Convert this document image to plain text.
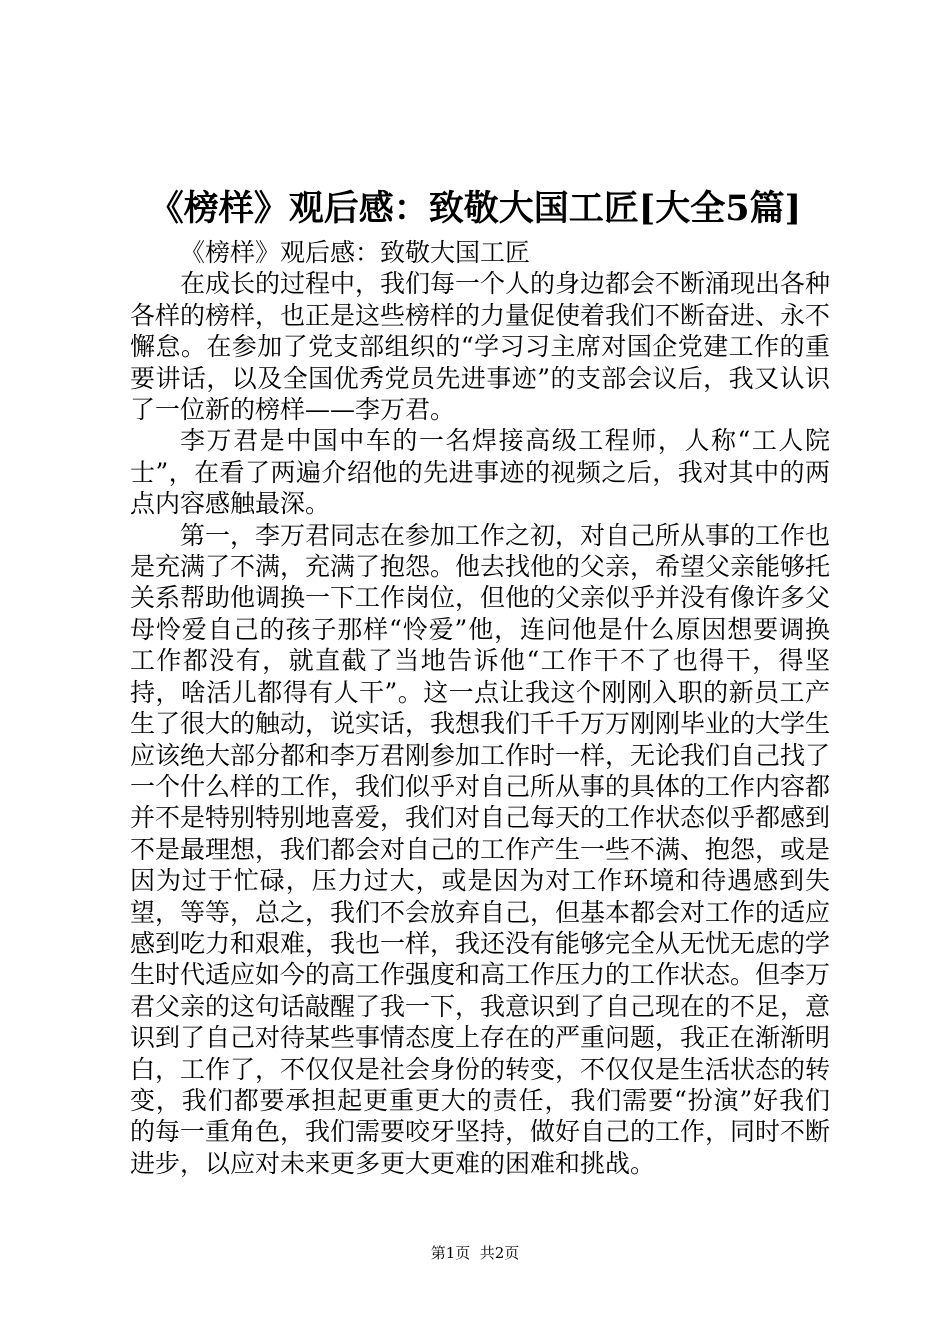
《榜样》观后感：致敬大国工匠[大全5篇]

《榜样》观后感：致敬大国工匠

在成长的过程中，我们每一个人的身边都会不断涌现出各种各样的榜样，也正是这些榜样的力量促使着我们不断奋进、永不懈怠。在参加了党支部组织的“学习习主席对国企党建工作的重要讲话，以及全国优秀党员先进事迹”的支部会议后，我又认识了一位新的榜样——李万君。

李万君是中国中车的一名焊接高级工程师，人称“工人院士”，在看了两遍介绍他的先进事迹的视频之后，我对其中的两点内容感触最深。

第一，李万君同志在参加工作之初，对自己所从事的工作也是充满了不满，充满了抱怨。他去找他的父亲，希望父亲能够托关系帮助他调换一下工作岗位，但他的父亲似乎并没有像许多父母怜爱自己的孩子那样“怜爱”他，连问他是什么原因想要调换工作都没有，就直截了当地告诉他“工作干不了也得干，得坚持，啥活儿都得有人干”。这一点让我这个刚刚入职的新员工产生了很大的触动，说实话，我想我们千千万万刚刚毕业的大学生应该绝大部分都和李万君刚参加工作时一样，无论我们自己找了一个什么样的工作，我们似乎对自己所从事的具体的工作内容都并不是特别特别地喜爱，我们对自己每天的工作状态似乎都感到不是最理想，我们都会对自己的工作产生一些不满、抱怨，或是因为过于忙碌，压力过大，或是因为对工作环境和待遇感到失望，等等，总之，我们不会放弃自己，但基本都会对工作的适应感到吃力和艰难，我也一样，我还没有能够完全从无忧无虑的学生时代适应如今的高工作强度和高工作压力的工作状态。但李万君父亲的这句话敲醒了我一下，我意识到了自己现在的不足，意识到了自己对待某些事情态度上存在的严重问题，我正在渐渐明白，工作了，不仅仅是社会身份的转变，不仅仅是生活状态的转变，我们都要承担起更重更大的责任，我们需要“扮演”好我们的每一重角色，我们需要咬牙坚持，做好自己的工作，同时不断进步，以应对未来更多更大更难的困难和挑战。

第1页  共2页
